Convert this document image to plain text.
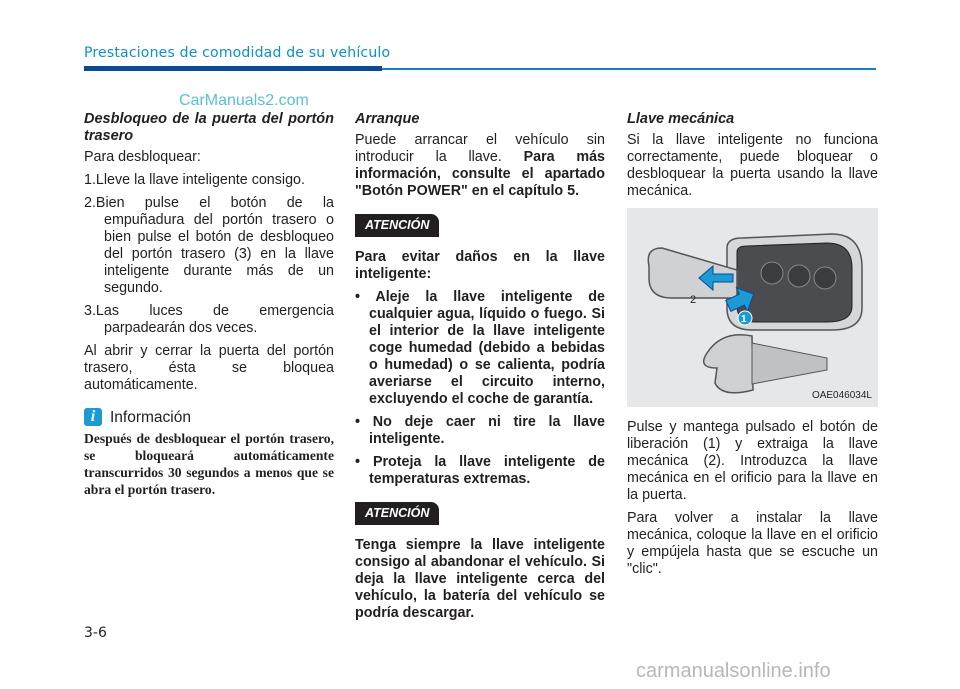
Prestaciones de comodidad de su vehículo
CarManuals2.com

Desbloqueo de la puerta del portón trasero

Para desbloquear:

1.Lleve la llave inteligente consigo.

2.Bien pulse el botón de la empuñadura del portón trasero o bien pulse el botón de desbloqueo del portón trasero (3) en la llave inteligente durante más de un segundo.

3.Las luces de emergencia parpadearán dos veces.

Al abrir y cerrar la puerta del portón trasero, ésta se bloquea automáticamente.

i Información

Después de desbloquear el portón trasero, se bloqueará automáticamente transcurridos 30 segundos a menos que se abra el portón trasero.

Arranque

Puede arrancar el vehículo sin introducir la llave. Para más información, consulte el apartado "Botón POWER" en el capítulo 5.

ATENCIÓN

Para evitar daños en la llave inteligente:

• Aleje la llave inteligente de cualquier agua, líquido o fuego. Si el interior de la llave inteligente coge humedad (debido a bebidas o humedad) o se calienta, podría averiarse el circuito interno, excluyendo el coche de garantía.
• No deje caer ni tire la llave inteligente.
• Proteja la llave inteligente de temperaturas extremas.
ATENCIÓN

Tenga siempre la llave inteligente consigo al abandonar el vehículo. Si deja la llave inteligente cerca del vehículo, la batería del vehículo se podría descargar.

Llave mecánica

Si la llave inteligente no funciona correctamente, puede bloquear o desbloquear la puerta usando la llave mecánica.

1
2
OAE046034L

Pulse y mantega pulsado el botón de liberación (1) y extraiga la llave mecánica (2). Introduzca la llave mecánica en el orificio para la llave en la puerta.

Para volver a instalar la llave mecánica, coloque la llave en el orificio y empújela hasta que se escuche un "clic".

3-6
carmanualsonline.info
